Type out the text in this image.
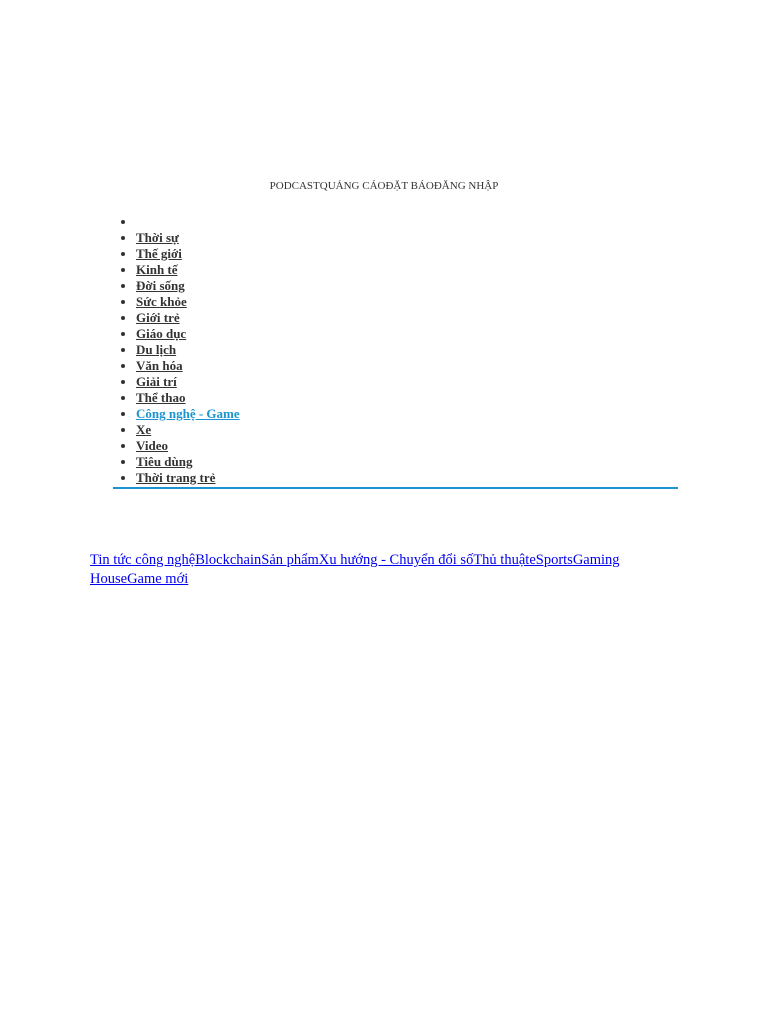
PODCASTQUẢNG CÁOĐẶT BÁOĐĂNG NHẬP
•
• Thời sự
• Thế giới
• Kinh tế
• Đời sống
• Sức khỏe
• Giới trẻ
• Giáo dục
• Du lịch
• Văn hóa
• Giải trí
• Thể thao
• Công nghệ - Game
• Xe
• Video
• Tiêu dùng
• Thời trang trẻ
Tin tức công nghệBlockchainSản phẩmXu hướng - Chuyển đổi sốThủ thuậteSportsGaming HouseGame mới
